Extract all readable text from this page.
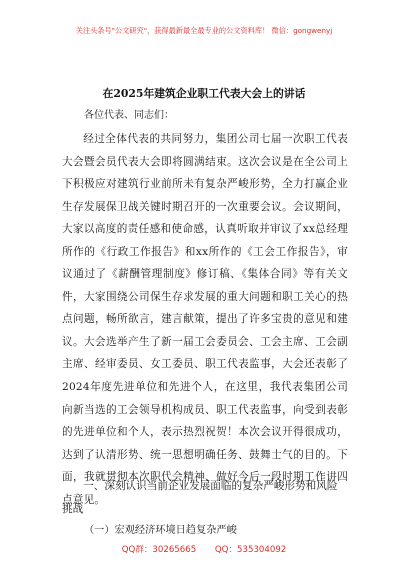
关注头条号"公文研究"，获得最新最全最专业的公文资料库！ 微信：gongwenyj
在2025年建筑企业职工代表大会上的讲话
各位代表、同志们：

经过全体代表的共同努力，集团公司七届一次职工代表大会暨会员代表大会即将圆满结束。这次会议是在全公司上下积极应对建筑行业前所未有复杂严峻形势，全力打赢企业生存发展保卫战关键时期召开的一次重要会议。会议期间，大家以高度的责任感和使命感，认真听取并审议了xx总经理所作的《行政工作报告》和xx所作的《工会工作报告》，审议通过了《薪酬管理制度》修订稿、《集体合同》等有关文件，大家围绕公司保生存求发展的重大问题和职工关心的热点问题，畅所欲言，建言献策，提出了许多宝贵的意见和建议。大会选举产生了新一届工会委员会、工会主席、工会副主席、经审委员、女工委员、职工代表监事，大会还表彰了2024年度先进单位和先进个人，在这里，我代表集团公司向新当选的工会领导机构成员、职工代表监事，向受到表彰的先进单位和个人，表示热烈祝贺！本次会议开得很成功，达到了认清形势、统一思想明确任务、鼓舞士气的目的。下面，我就贯彻本次职代会精神、做好今后一段时期工作讲四点意见。

一、深刻认识当前企业发展面临的复杂严峻形势和风险挑战

（一）宏观经济环境日趋复杂严峻
QQ群：30265665 QQ：535304092
